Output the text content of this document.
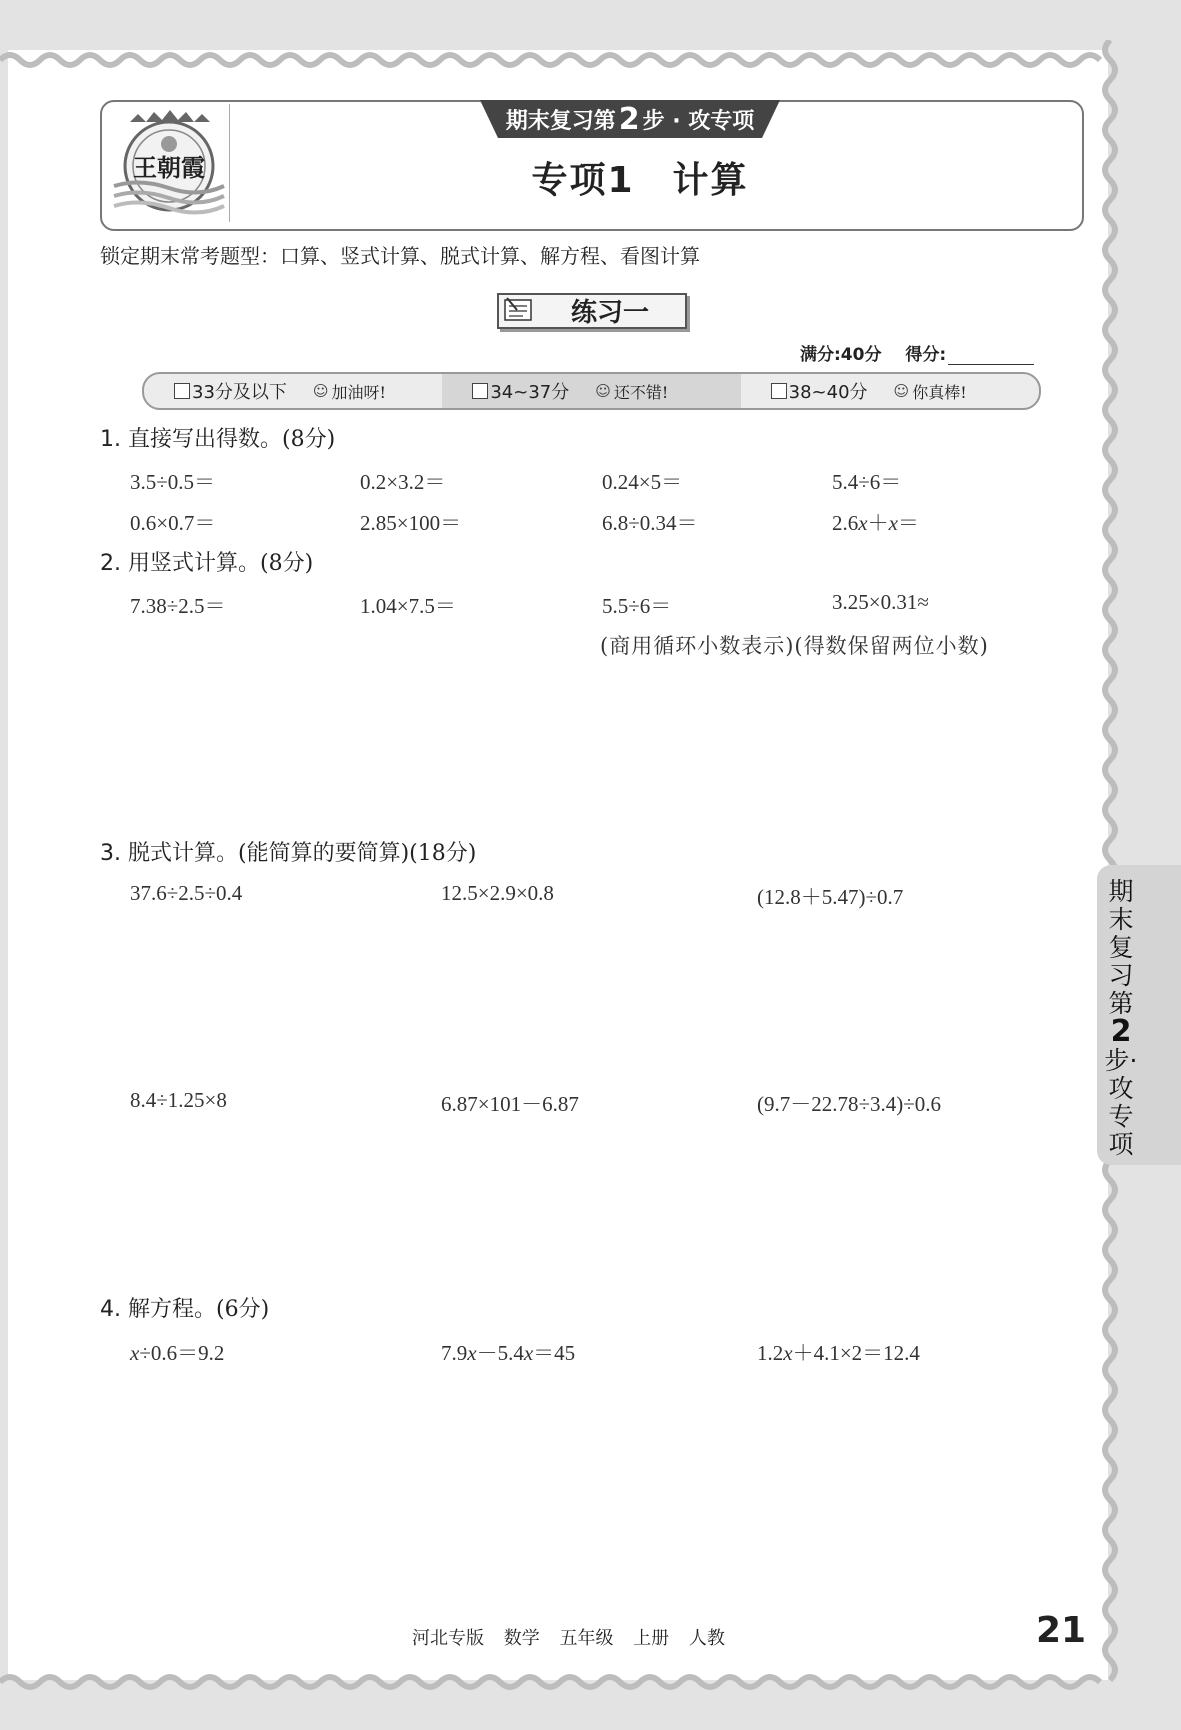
王朝霞
期末复习第 2 步 · 攻专项
专项1　计算
锁定期末常考题型：口算、竖式计算、脱式计算、解方程、看图计算
练习一
满分:40分 得分:
33分及以下 ☺ 加油呀!	34~37分 ☺ 还不错!	38~40分 ☺ 你真棒!
1. 直接写出得数。(8分)
3.5÷0.5＝	0.2×3.2＝	0.24×5＝	5.4÷6＝
0.6×0.7＝	2.85×100＝	6.8÷0.34＝	2.6x＋x＝
2. 用竖式计算。(8分)
7.38÷2.5＝	1.04×7.5＝	5.5÷6＝	3.25×0.31≈
(商用循环小数表示)(得数保留两位小数)
3. 脱式计算。(能简算的要简算)(18分)
37.6÷2.5÷0.4	12.5×2.9×0.8	(12.8＋5.47)÷0.7
8.4÷1.25×8	6.87×101－6.87	(9.7－22.78÷3.4)÷0.6
4. 解方程。(6分)
x÷0.6＝9.2	7.9x－5.4x＝45	1.2x＋4.1×2＝12.4
期末复习第2步·攻专项
河北专版 数学 五年级 上册 人教	21
